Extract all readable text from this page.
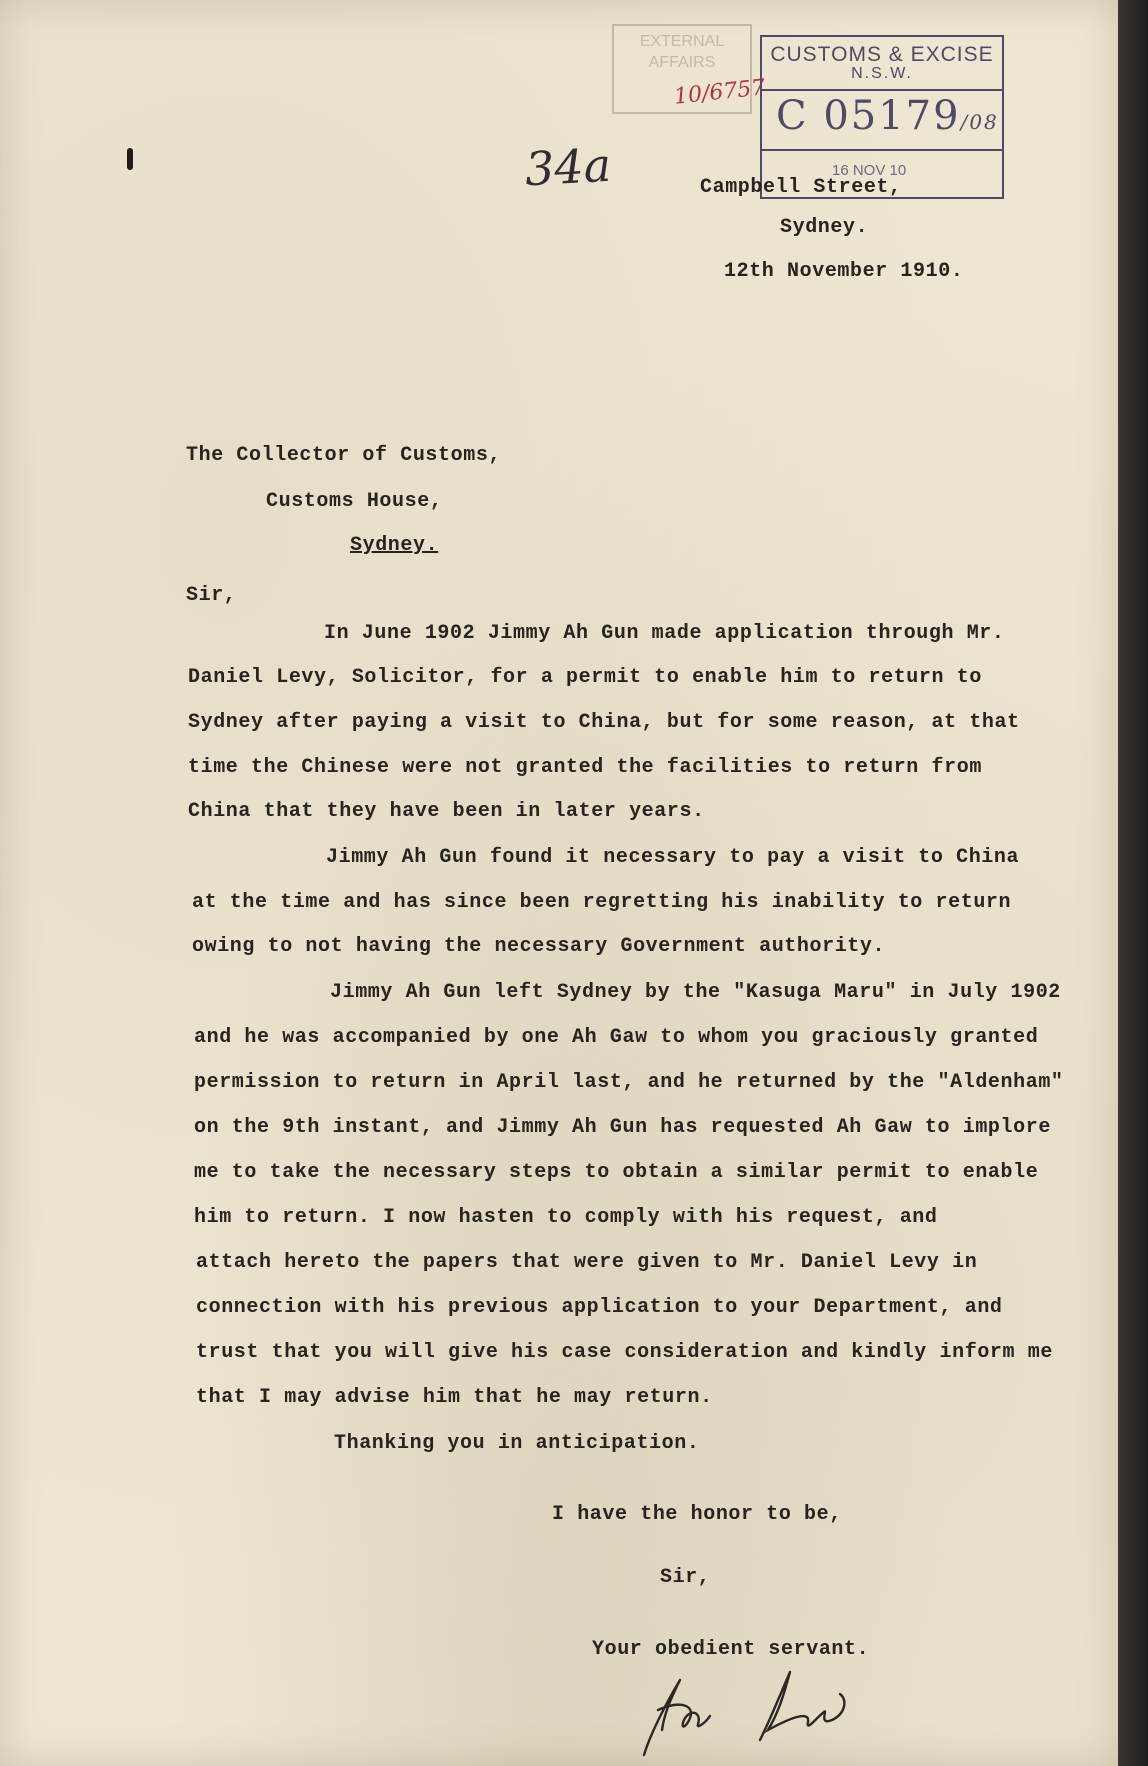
EXTERNAL
AFFAIRS
10/6757
CUSTOMS & EXCISE
N.S.W.
C 05179/08
16 NOV 10
34a	Campbell Street,
Sydney.
12th November 1910.
The Collector of Customs,
Customs House,
Sydney.
Sir,
In June 1902 Jimmy Ah Gun made application through Mr.
Daniel Levy, Solicitor, for a permit to enable him to return to
Sydney after paying a visit to China, but for some reason, at that
time the Chinese were not granted the facilities to return from
China that they have been in later years.
Jimmy Ah Gun found it necessary to pay a visit to China
at the time and has since been regretting his inability to return
owing to not having the necessary Government authority.
Jimmy Ah Gun left Sydney by the "Kasuga Maru" in July 1902
and he was accompanied by one Ah Gaw to whom you graciously granted
permission to return in April last, and he returned by the "Aldenham"
on the 9th instant, and Jimmy Ah Gun has requested Ah Gaw to implore
me to take the necessary steps to obtain a similar permit to enable
him to return. I now hasten to comply with his request, and
attach hereto the papers that were given to Mr. Daniel Levy in
connection with his previous application to your Department, and
trust that you will give his case consideration and kindly inform me
that I may advise him that he may return.
Thanking you in anticipation.
I have the honor to be,
Sir,
Your obedient servant.
